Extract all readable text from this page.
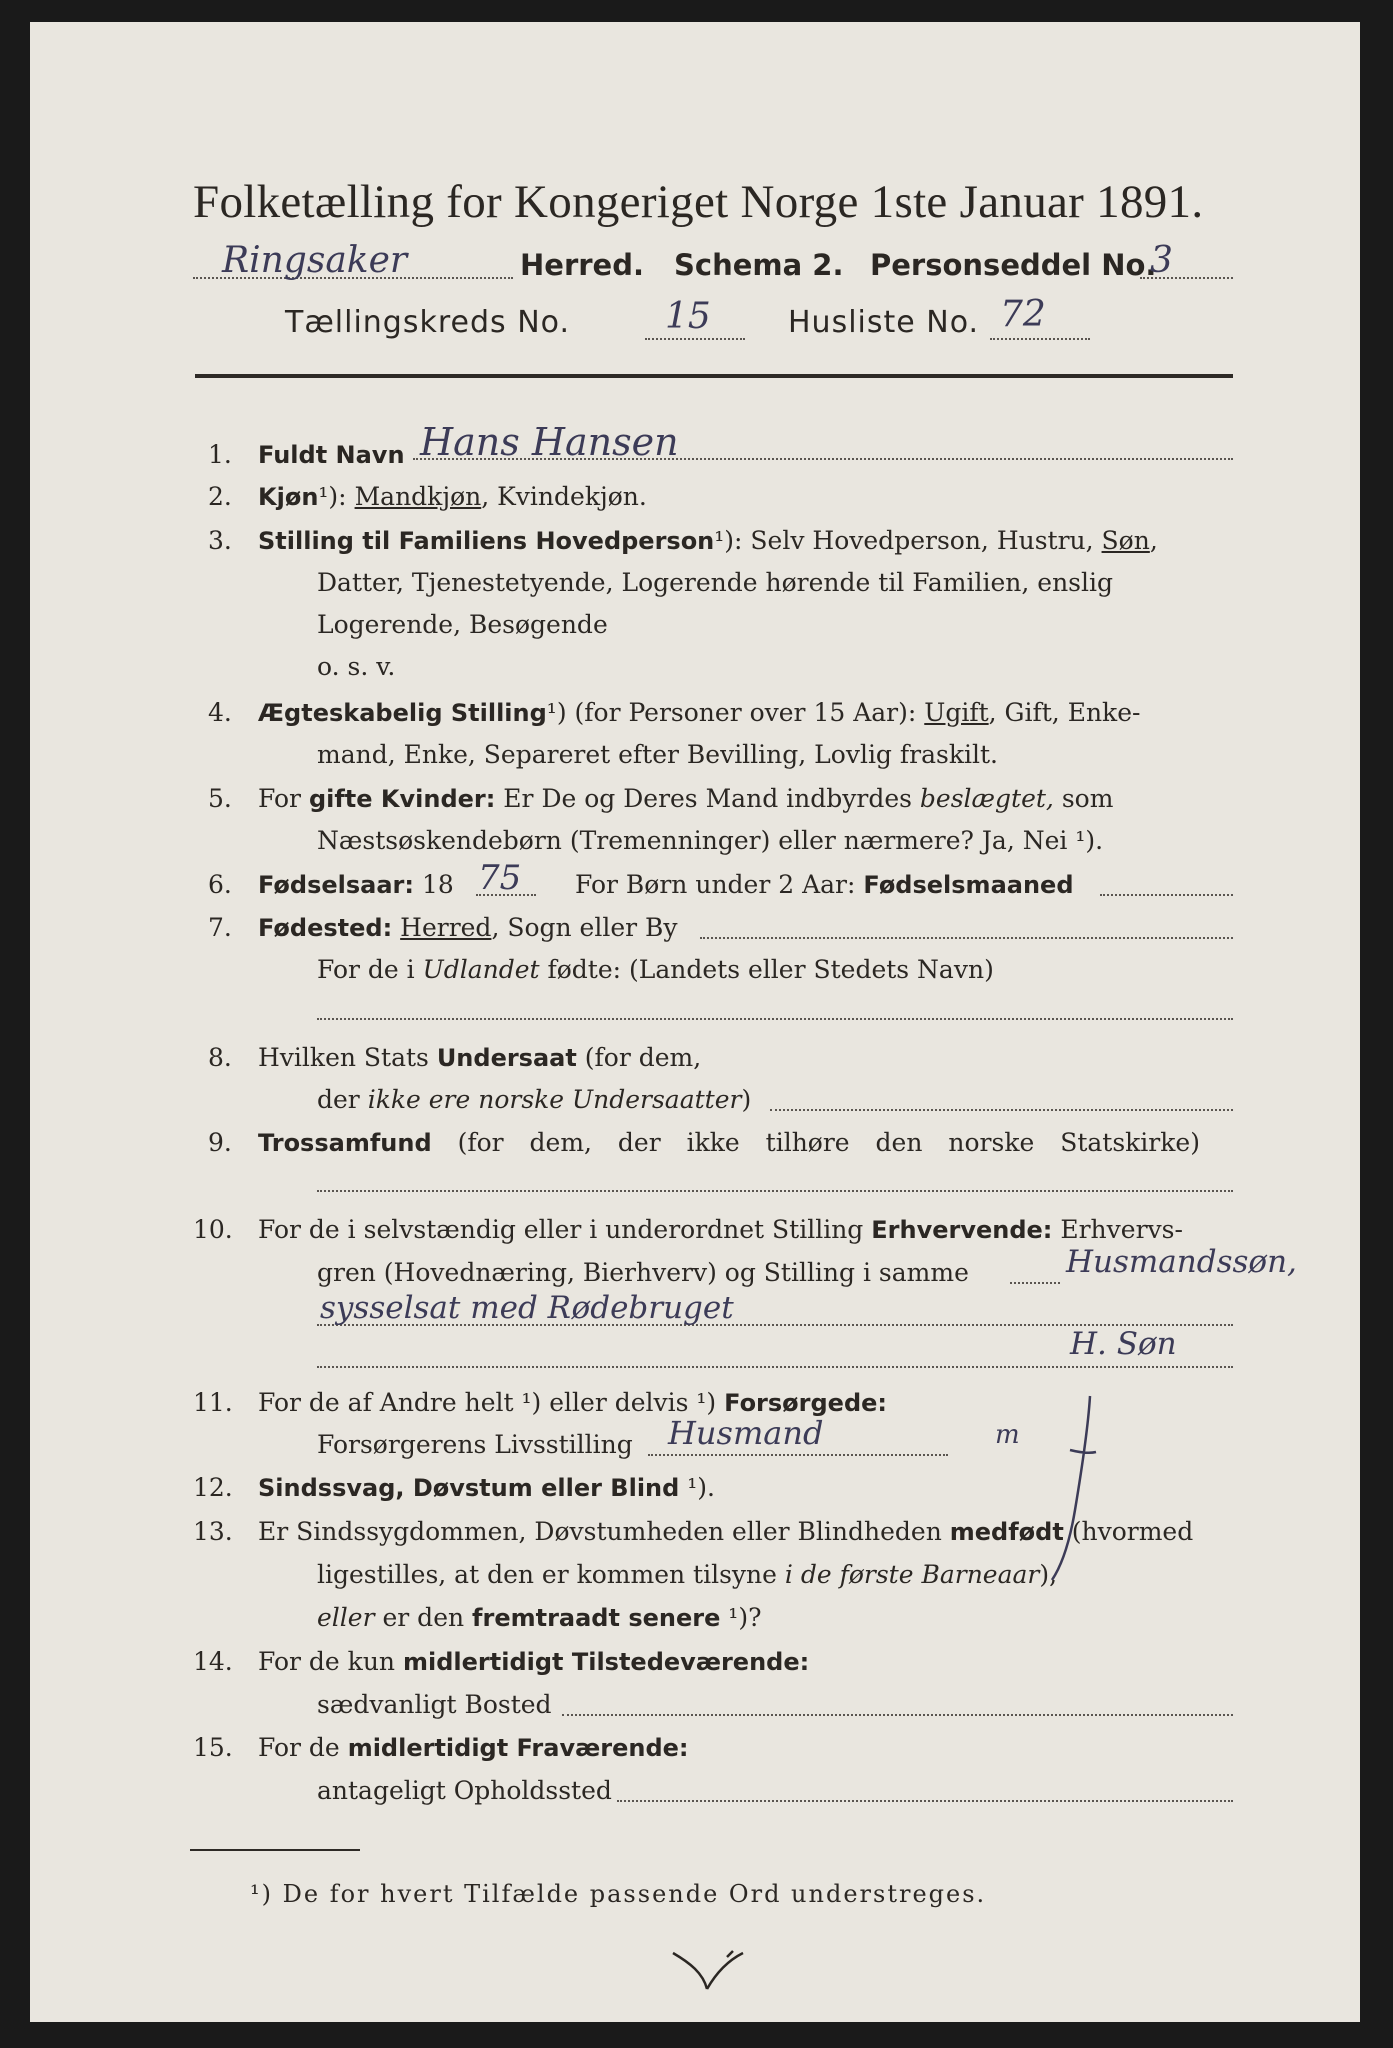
Folketælling for Kongeriget Norge 1ste Januar 1891.
Ringsaker	Herred. Schema 2. Personseddel No.
3
Tællingskreds No.	15	Husliste No. 72
1. Fuldt Navn Hans Hansen
2. Kjøn¹): Mandkjøn, Kvindekjøn.
3. Stilling til Familiens Hovedperson¹): Selv Hovedperson, Hustru, Søn,
Datter, Tjenestetyende, Logerende hørende til Familien, enslig
Logerende, Besøgende
o. s. v.
4. Ægteskabelig Stilling¹) (for Personer over 15 Aar): Ugift, Gift, Enke-
mand, Enke, Separeret efter Bevilling, Lovlig fraskilt.
5. For gifte Kvinder: Er De og Deres Mand indbyrdes beslægtet, som
Næstsøskendebørn (Tremenninger) eller nærmere? Ja, Nei ¹).
6. Fødselsaar: 18 75 For Børn under 2 Aar: Fødselsmaaned
7. Fødested: Herred, Sogn eller By
For de i Udlandet fødte: (Landets eller Stedets Navn)
8. Hvilken Stats Undersaat (for dem,
der ikke ere norske Undersaatter)
9. Trossamfund (for dem, der ikke tilhøre den norske Statskirke)
10. For de i selvstændig eller i underordnet Stilling Erhvervende: Erhvervs-
gren (Hovednæring, Bierhverv) og Stilling i samme	Husmandssøn,
sysselsat med Rødebruget
H. Søn
11. For de af Andre helt ¹) eller delvis ¹) Forsørgede:
Forsørgerens Livsstilling Husmand	m
12. Sindssvag, Døvstum eller Blind ¹).
13. Er Sindssygdommen, Døvstumheden eller Blindheden medfødt (hvormed
ligestilles, at den er kommen tilsyne i de første Barneaar),
eller er den fremtraadt senere ¹)?
14. For de kun midlertidigt Tilstedeværende:
sædvanligt Bosted
15. For de midlertidigt Fraværende:
antageligt Opholdssted
¹) De for hvert Tilfælde passende Ord understreges.
